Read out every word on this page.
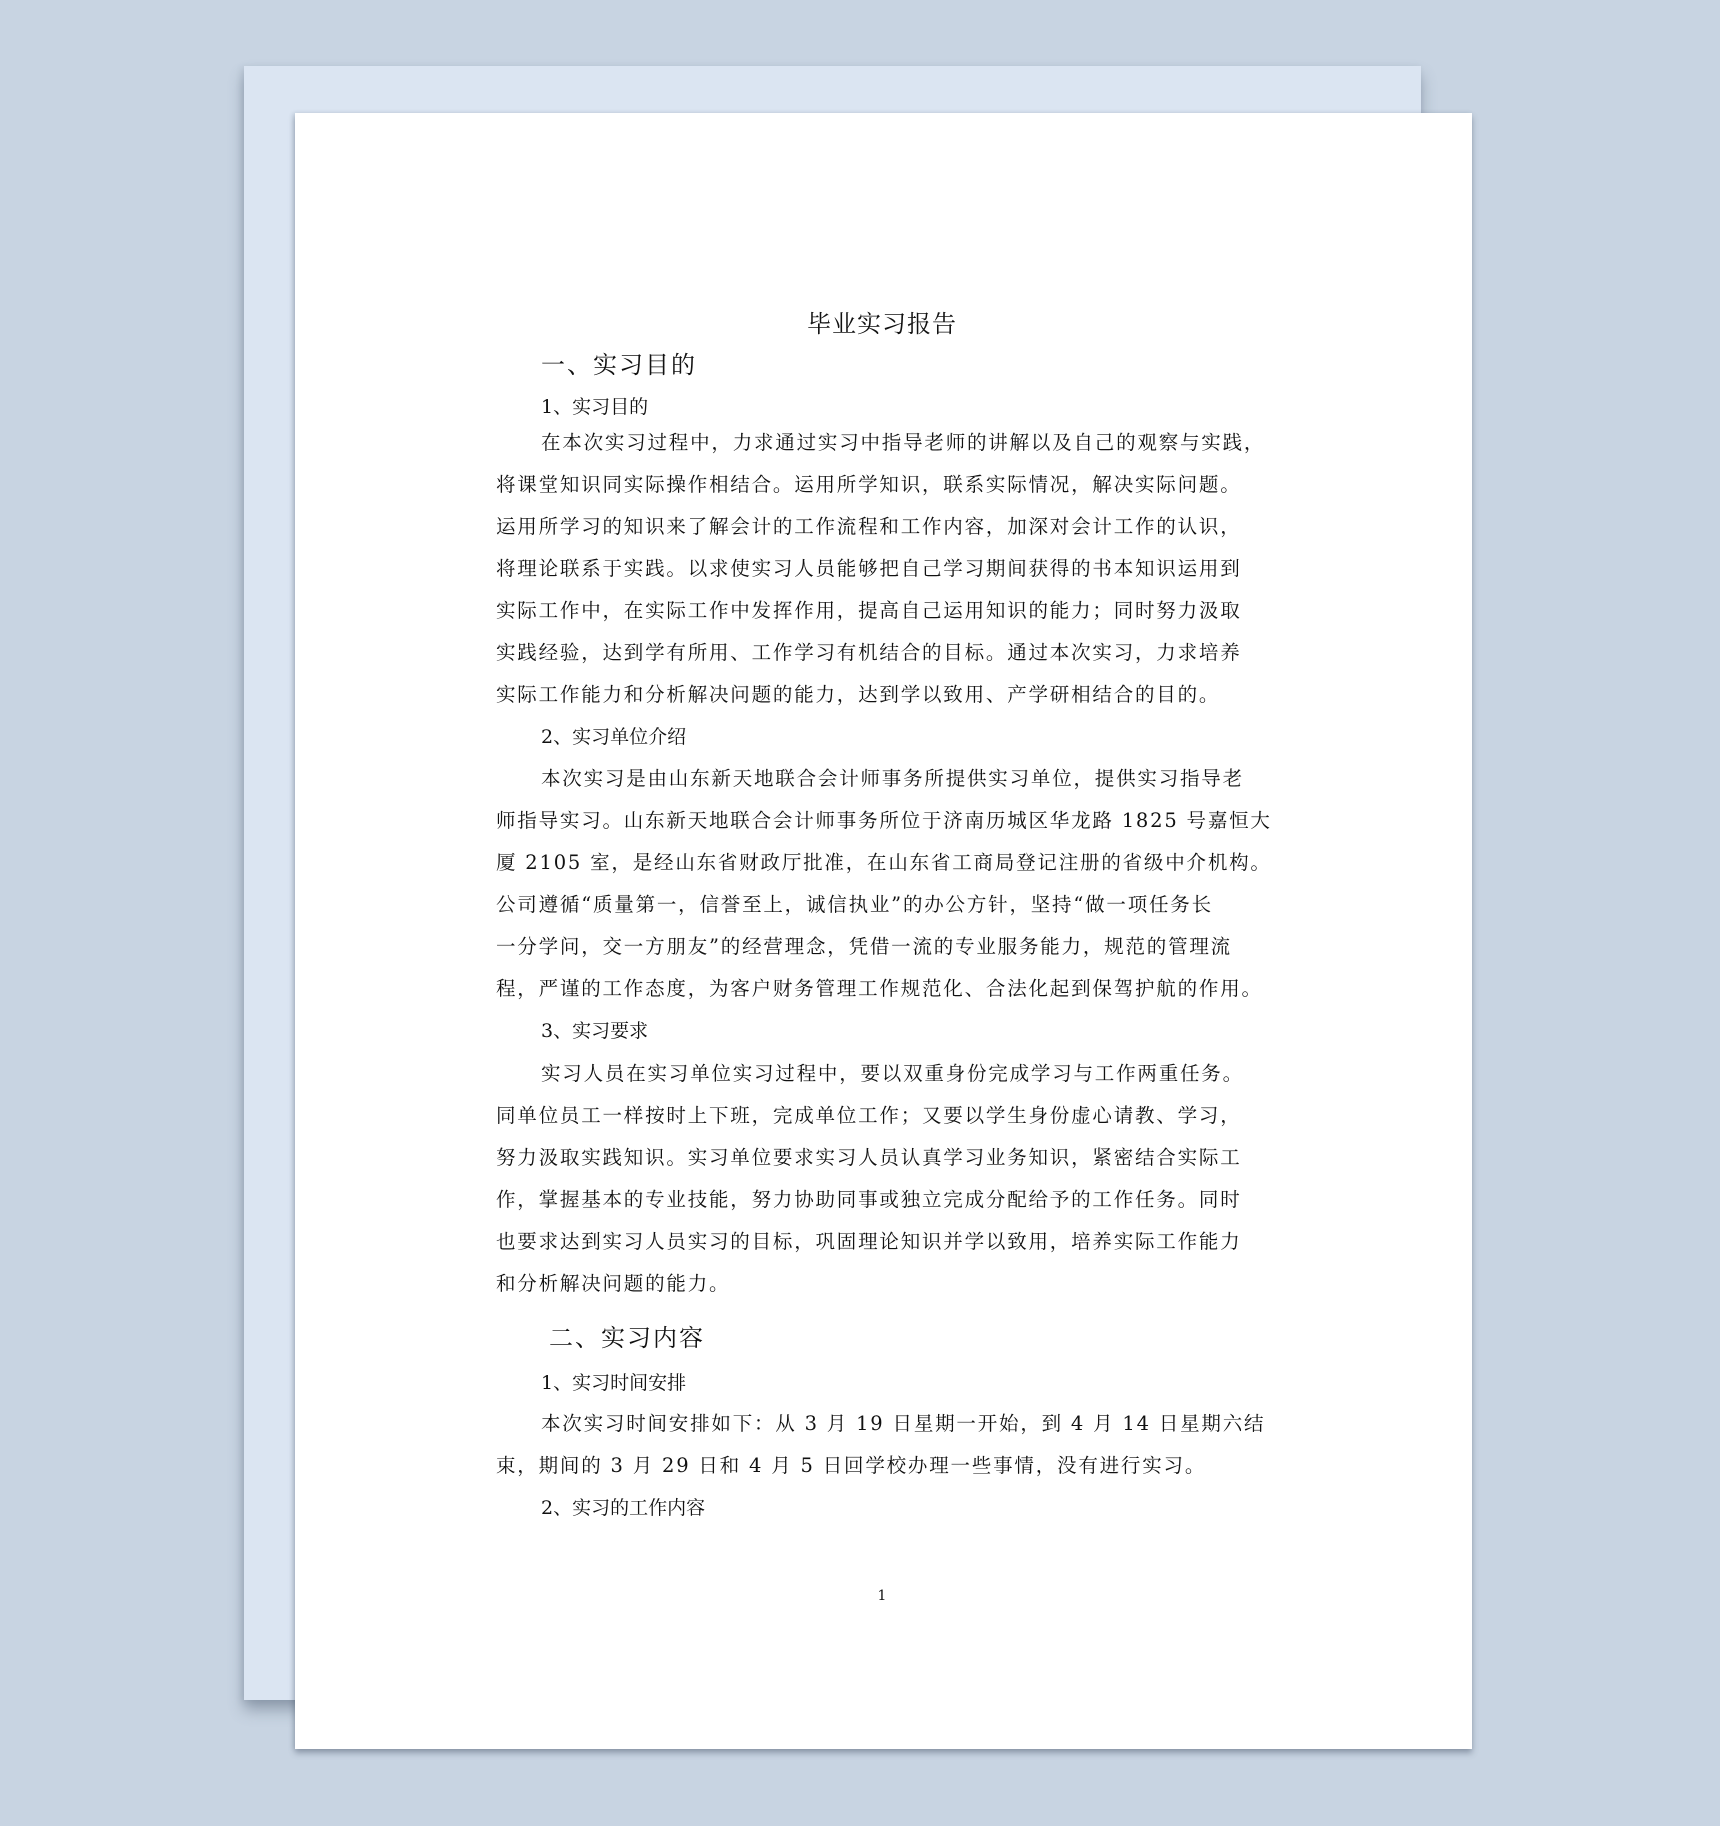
毕业实习报告
一、实习目的
1、实习目的
在本次实习过程中，力求通过实习中指导老师的讲解以及自己的观察与实践，
将课堂知识同实际操作相结合。运用所学知识，联系实际情况，解决实际问题。
运用所学习的知识来了解会计的工作流程和工作内容，加深对会计工作的认识，
将理论联系于实践。以求使实习人员能够把自己学习期间获得的书本知识运用到
实际工作中，在实际工作中发挥作用，提高自己运用知识的能力；同时努力汲取
实践经验，达到学有所用、工作学习有机结合的目标。通过本次实习，力求培养
实际工作能力和分析解决问题的能力，达到学以致用、产学研相结合的目的。
2、实习单位介绍
本次实习是由山东新天地联合会计师事务所提供实习单位，提供实习指导老
师指导实习。山东新天地联合会计师事务所位于济南历城区华龙路 1825 号嘉恒大
厦 2105 室，是经山东省财政厅批准，在山东省工商局登记注册的省级中介机构。
公司遵循“质量第一，信誉至上，诚信执业”的办公方针，坚持“做一项任务长
一分学问，交一方朋友”的经营理念，凭借一流的专业服务能力，规范的管理流
程，严谨的工作态度，为客户财务管理工作规范化、合法化起到保驾护航的作用。
3、实习要求
实习人员在实习单位实习过程中，要以双重身份完成学习与工作两重任务。
同单位员工一样按时上下班，完成单位工作；又要以学生身份虚心请教、学习，
努力汲取实践知识。实习单位要求实习人员认真学习业务知识，紧密结合实际工
作，掌握基本的专业技能，努力协助同事或独立完成分配给予的工作任务。同时
也要求达到实习人员实习的目标，巩固理论知识并学以致用，培养实际工作能力
和分析解决问题的能力。
二、实习内容
1、实习时间安排
本次实习时间安排如下：从 3 月 19 日星期一开始，到 4 月 14 日星期六结
束，期间的 3 月 29 日和 4 月 5 日回学校办理一些事情，没有进行实习。
2、实习的工作内容
1
